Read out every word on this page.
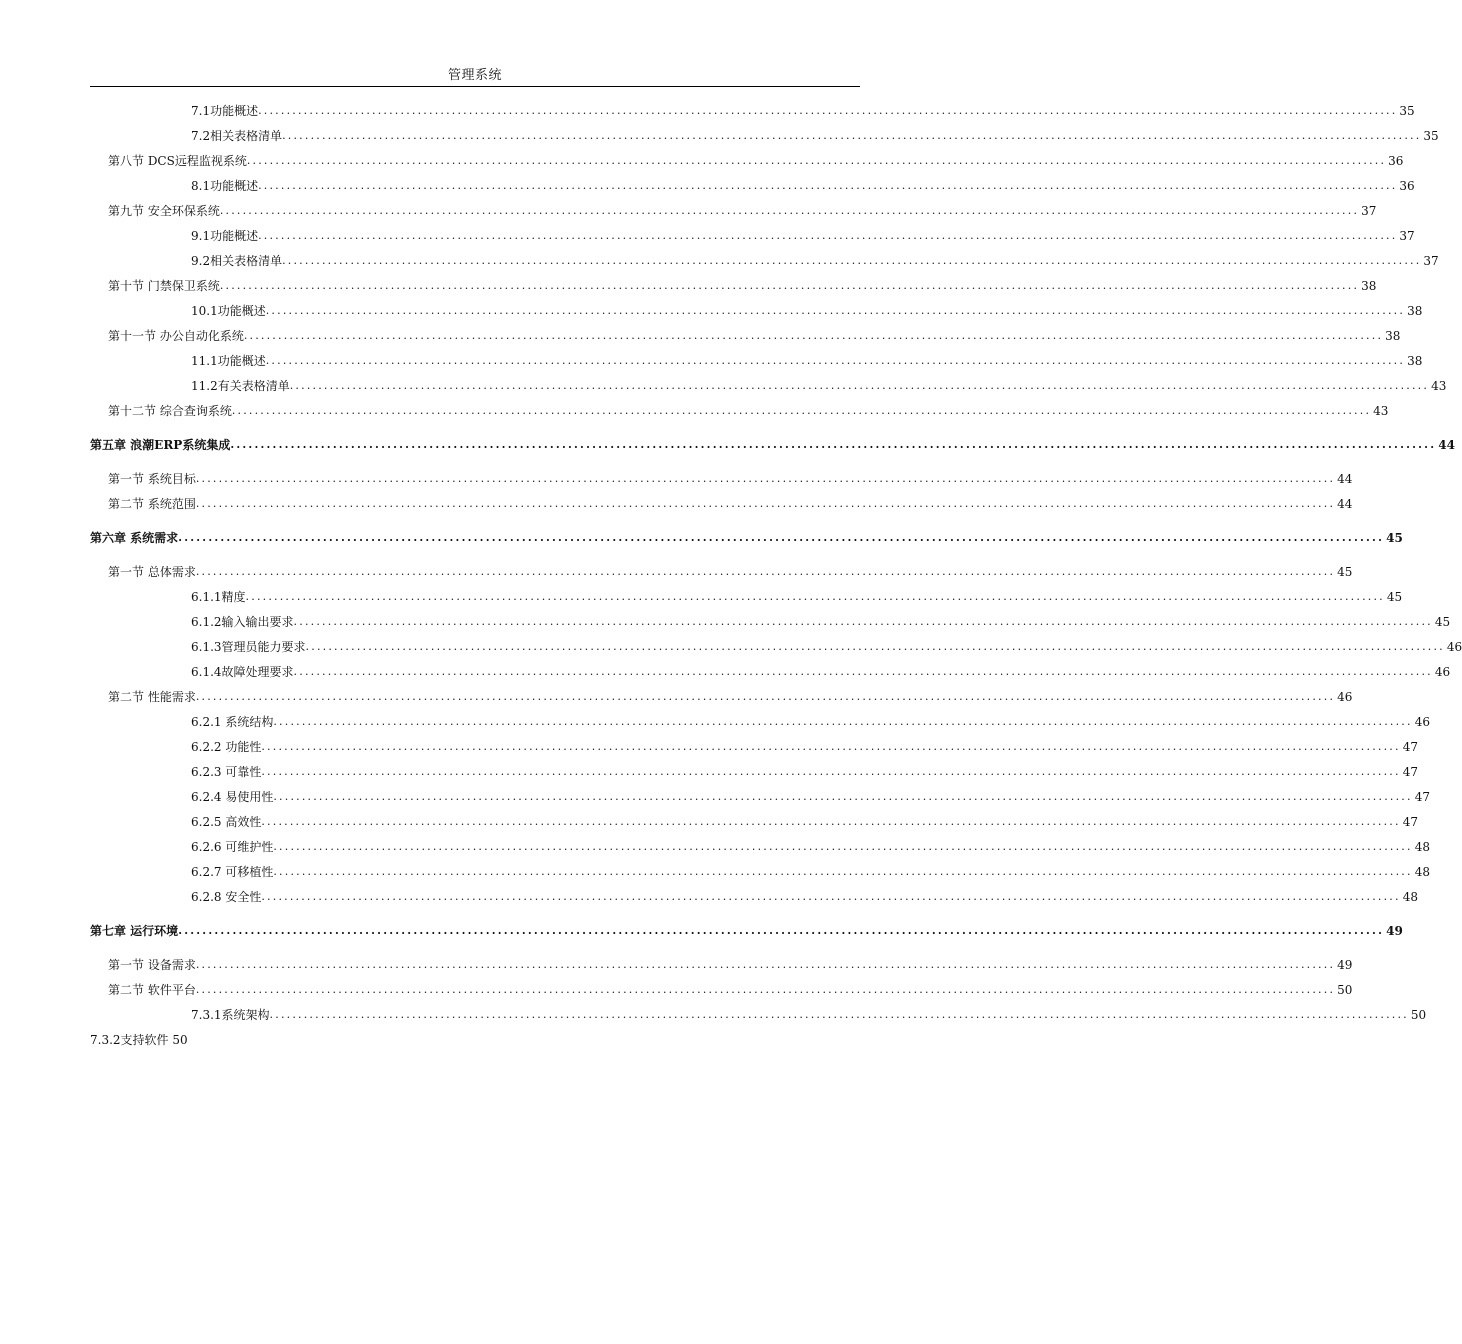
管理系统
7.1功能概述 ........................................................................................................................................................................................................ 35
7.2相关表格清单 ........................................................................................................................................................................................................ 35
第八节 DCS远程监视系统 ........................................................................................................................................................................................................ 36
8.1功能概述 ........................................................................................................................................................................................................ 36
第九节 安全环保系统 ........................................................................................................................................................................................................ 37
9.1功能概述 ........................................................................................................................................................................................................ 37
9.2相关表格清单 ........................................................................................................................................................................................................ 37
第十节 门禁保卫系统 ........................................................................................................................................................................................................ 38
10.1功能概述 ........................................................................................................................................................................................................ 38
第十一节 办公自动化系统 ........................................................................................................................................................................................................ 38
11.1功能概述 ........................................................................................................................................................................................................ 38
11.2有关表格清单 ........................................................................................................................................................................................................ 43
第十二节 综合查询系统 ........................................................................................................................................................................................................ 43
第五章 浪潮ERP系统集成 ........................................................................................................................................................................................................ 44
第一节 系统目标 ........................................................................................................................................................................................................ 44
第二节 系统范围 ........................................................................................................................................................................................................ 44
第六章 系统需求 ........................................................................................................................................................................................................ 45
第一节 总体需求 ........................................................................................................................................................................................................ 45
6.1.1精度 ........................................................................................................................................................................................................ 45
6.1.2输入输出要求 ........................................................................................................................................................................................................ 45
6.1.3管理员能力要求 ........................................................................................................................................................................................................ 46
6.1.4故障处理要求 ........................................................................................................................................................................................................ 46
第二节 性能需求 ........................................................................................................................................................................................................ 46
6.2.1 系统结构 ........................................................................................................................................................................................................ 46
6.2.2 功能性 ........................................................................................................................................................................................................ 47
6.2.3 可靠性 ........................................................................................................................................................................................................ 47
6.2.4 易使用性 ........................................................................................................................................................................................................ 47
6.2.5 高效性 ........................................................................................................................................................................................................ 47
6.2.6 可维护性 ........................................................................................................................................................................................................ 48
6.2.7 可移植性 ........................................................................................................................................................................................................ 48
6.2.8 安全性 ........................................................................................................................................................................................................ 48
第七章 运行环境 ........................................................................................................................................................................................................ 49
第一节 设备需求 ........................................................................................................................................................................................................ 49
第二节 软件平台 ........................................................................................................................................................................................................ 50
7.3.1系统架构 ........................................................................................................................................................................................................ 50
7.3.2支持软件 50
